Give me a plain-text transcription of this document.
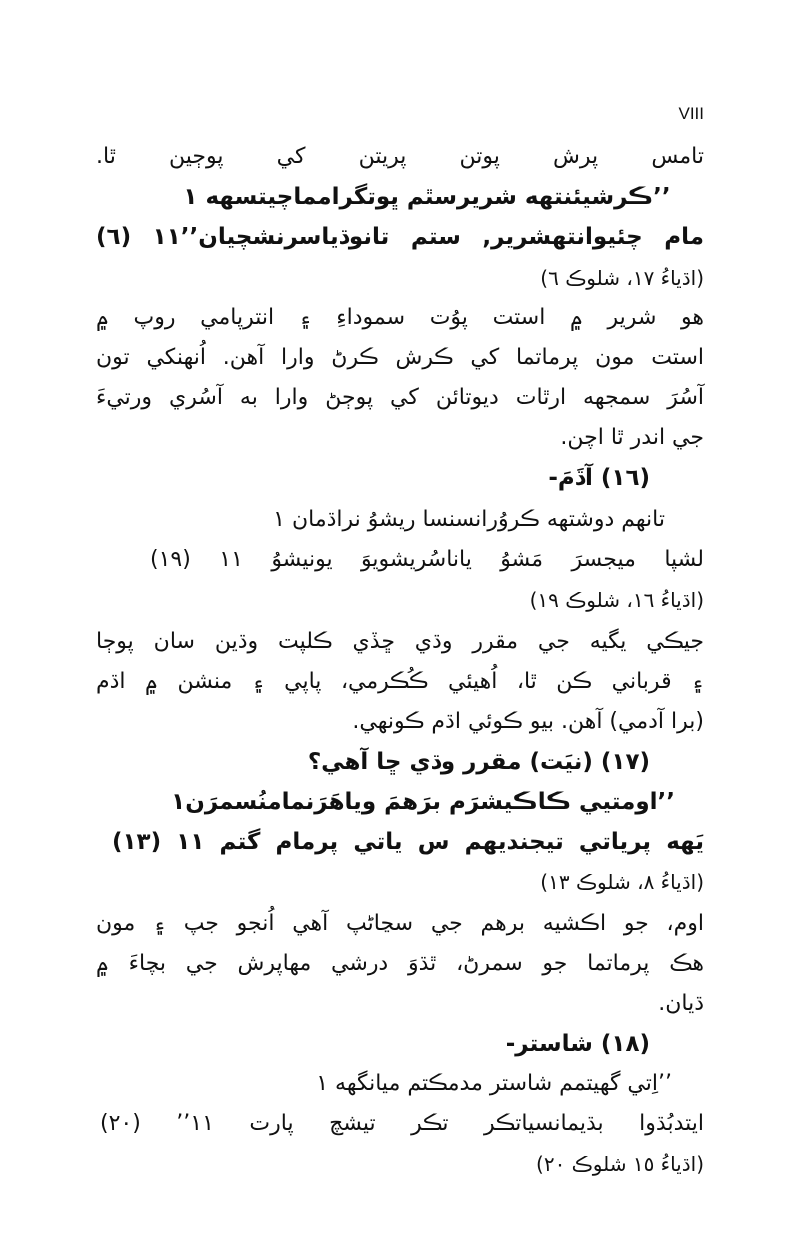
VIII
تامس پرش پوتن پريتن کي پوڄين ٿا.
’’ڪرشيئنتهه شريرسٿم ڀوتگرامماچيتسهه ۱
مام چئيوانتهشرير, ستم تانوڌياسرنشچيان’’۱۱ (٦)
(اڌياءُ ١٧، شلوڪ ٦)
هو شرير ۾ استت پوُت سموداءِ ۽ انترپامي روپ ۾
استت مون پرماتما کي ڪرش ڪرڻ وارا آهن. اُنهنکي تون
آسُرَ سمجهه ارٿات ديوتائن کي پوڄڻ وارا به آسُري ورتيءَ
جي اندر ٿا اچن.
(١٦) آڌَمَ-
تانهم دوشتهه ڪروُرانسنسا ريشوُ نراڌمان ۱
لشپا ميجسرَ مَشوُ ياناسُريشويوَ يونيشوُ ۱۱ (١٩)
(اڌياءُ ١٦، شلوڪ ١٩)
جيڪي يگيه جي مقرر وڌي ڇڏي ڪلپت وڌين سان پوڄا
۽ قرباني ڪن ٿا، اُهيئي ڪُڪرمي، پاپي ۽ منشن ۾ اڌم
(برا آدمي) آهن. بيو ڪوئي اڌم ڪونهي.
(١٧) (نيَت) مقرر وڌي ڇا آهي؟
’’اومتيي ڪاڪيشرَم برَهمَ وياهَرَنمامنُسمرَن۱
يَهه پرياتي تيجنديهم س ياتي پرمام گتم ۱۱ (١٣)
(اڌياءُ ٨، شلوڪ ١٣)
اوم، جو اڪشيه برهم جي سڃاڻپ آهي اُنجو جپ ۽ مون
هڪ پرماتما جو سمرڻ، ٿڌوَ درشي مهاپرش جي بچاءَ ۾
ڌيان.
(١٨) شاستر-
’’اِتي گهيتمم شاستر مدمڪتم ميانگهه ۱
ايتدبُڌوا بڌيمانسياتڪر تڪر تيشچ پارت ۱۱’’ (٢٠)
(اڌياءُ ١٥ شلوڪ ٢٠)
